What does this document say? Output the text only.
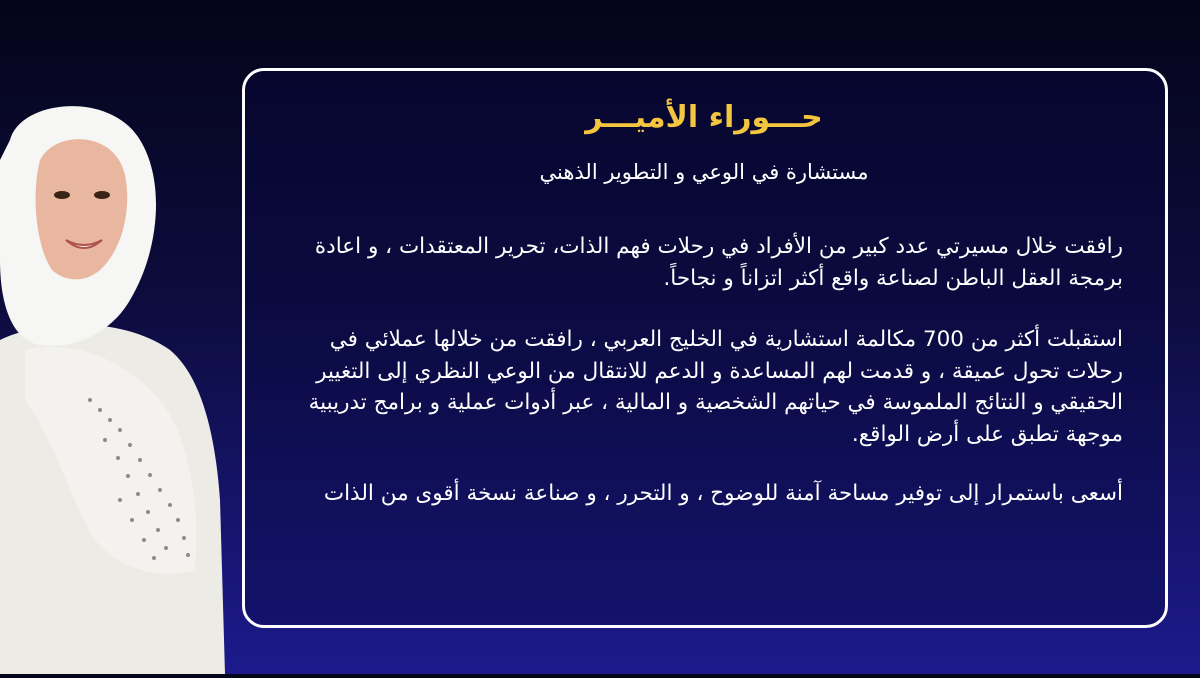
حـــوراء الأميـــر

مستشارة في الوعي و التطوير الذهني

رافقت خلال مسيرتي عدد كبير من الأفراد في رحلات فهم الذات، تحرير المعتقدات ، و اعادة برمجة العقل الباطن لصناعة واقع أكثر اتزاناً و نجاحاً.

استقبلت أكثر من 700 مكالمة استشارية في الخليج العربي ، رافقت من خلالها عملائي في رحلات تحول عميقة ، و قدمت لهم المساعدة و الدعم للانتقال من الوعي النظري إلى التغيير الحقيقي و النتائج الملموسة في حياتهم الشخصية و المالية ، عبر أدوات عملية و برامج تدريبية موجهة تطبق على أرض الواقع.

أسعى باستمرار إلى توفير مساحة آمنة للوضوح ، و التحرر ، و صناعة نسخة أقوى من الذات
